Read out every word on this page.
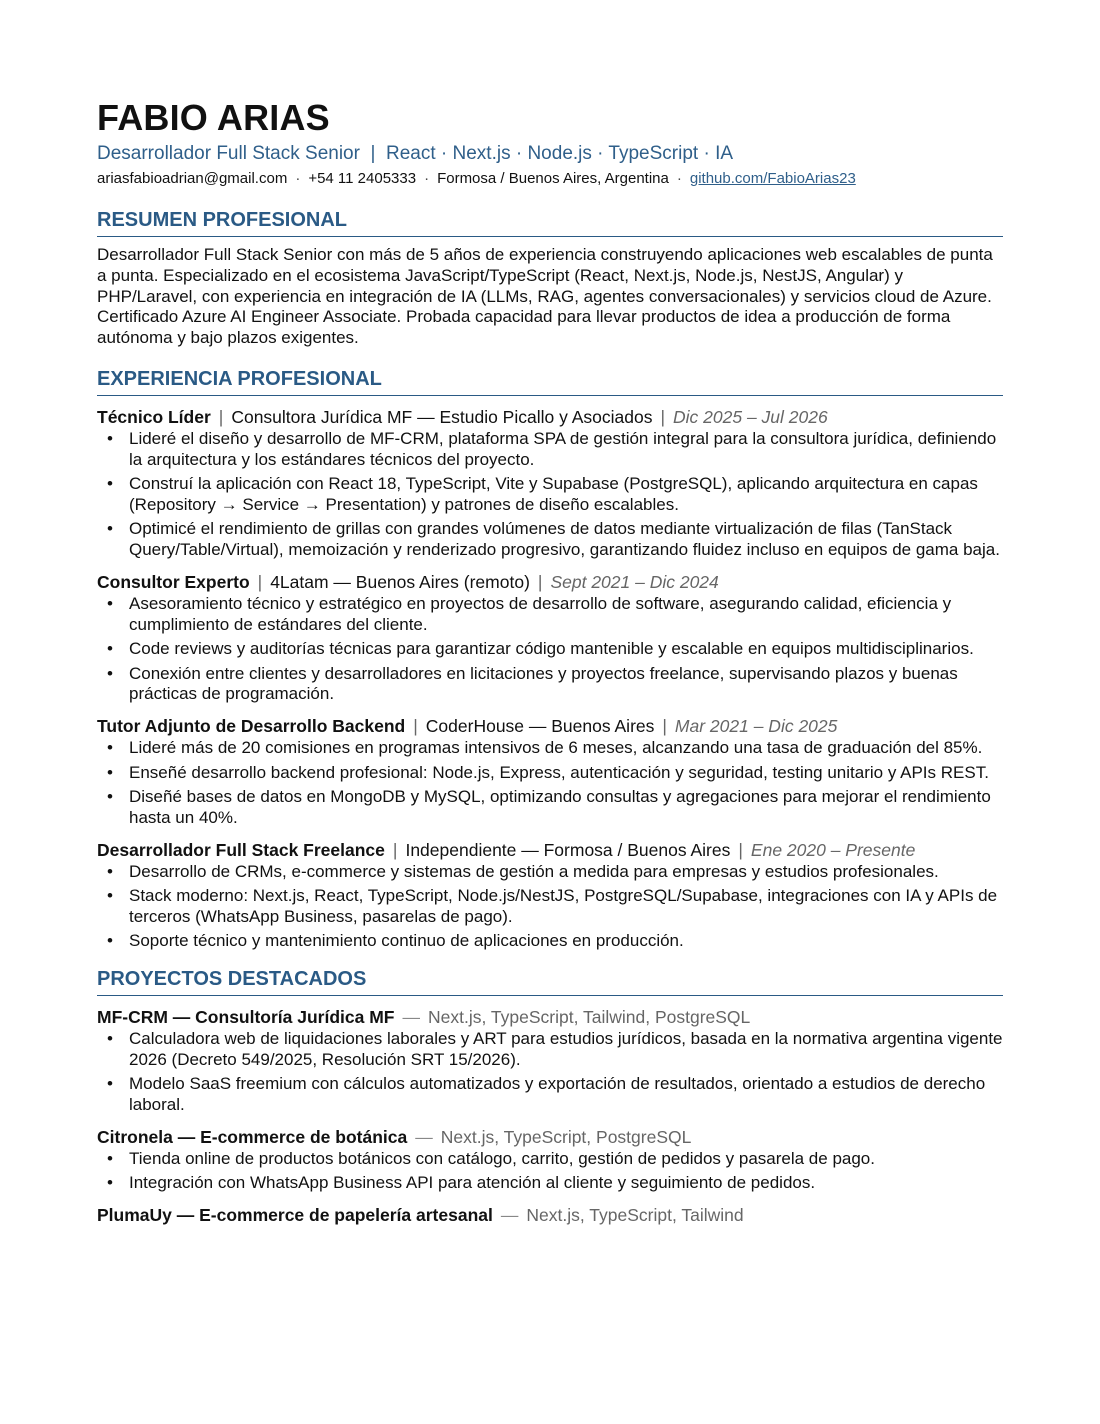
FABIO ARIAS
Desarrollador Full Stack Senior  |  React · Next.js · Node.js · TypeScript · IA
ariasfabioadrian@gmail.com · +54 11 2405333 · Formosa / Buenos Aires, Argentina · github.com/FabioArias23
RESUMEN PROFESIONAL

Desarrollador Full Stack Senior con más de 5 años de experiencia construyendo aplicaciones web escalables de punta a punta. Especializado en el ecosistema JavaScript/TypeScript (React, Next.js, Node.js, NestJS, Angular) y PHP/Laravel, con experiencia en integración de IA (LLMs, RAG, agentes conversacionales) y servicios cloud de Azure. Certificado Azure AI Engineer Associate. Probada capacidad para llevar productos de idea a producción de forma autónoma y bajo plazos exigentes.

EXPERIENCIA PROFESIONAL
Técnico Líder | Consultora Jurídica MF — Estudio Picallo y Asociados | Dic 2025 – Jul 2026
• Lideré el diseño y desarrollo de MF-CRM, plataforma SPA de gestión integral para la consultora jurídica, definiendo la arquitectura y los estándares técnicos del proyecto.
• Construí la aplicación con React 18, TypeScript, Vite y Supabase (PostgreSQL), aplicando arquitectura en capas (Repository → Service → Presentation) y patrones de diseño escalables.
• Optimicé el rendimiento de grillas con grandes volúmenes de datos mediante virtualización de filas (TanStack Query/Table/Virtual), memoización y renderizado progresivo, garantizando fluidez incluso en equipos de gama baja.
Consultor Experto | 4Latam — Buenos Aires (remoto) | Sept 2021 – Dic 2024
• Asesoramiento técnico y estratégico en proyectos de desarrollo de software, asegurando calidad, eficiencia y cumplimiento de estándares del cliente.
• Code reviews y auditorías técnicas para garantizar código mantenible y escalable en equipos multidisciplinarios.
• Conexión entre clientes y desarrolladores en licitaciones y proyectos freelance, supervisando plazos y buenas prácticas de programación.
Tutor Adjunto de Desarrollo Backend | CoderHouse — Buenos Aires | Mar 2021 – Dic 2025
• Lideré más de 20 comisiones en programas intensivos de 6 meses, alcanzando una tasa de graduación del 85%.
• Enseñé desarrollo backend profesional: Node.js, Express, autenticación y seguridad, testing unitario y APIs REST.
• Diseñé bases de datos en MongoDB y MySQL, optimizando consultas y agregaciones para mejorar el rendimiento hasta un 40%.
Desarrollador Full Stack Freelance | Independiente — Formosa / Buenos Aires | Ene 2020 – Presente
• Desarrollo de CRMs, e-commerce y sistemas de gestión a medida para empresas y estudios profesionales.
• Stack moderno: Next.js, React, TypeScript, Node.js/NestJS, PostgreSQL/Supabase, integraciones con IA y APIs de terceros (WhatsApp Business, pasarelas de pago).
• Soporte técnico y mantenimiento continuo de aplicaciones en producción.
PROYECTOS DESTACADOS
MF-CRM — Consultoría Jurídica MF — Next.js, TypeScript, Tailwind, PostgreSQL
• Calculadora web de liquidaciones laborales y ART para estudios jurídicos, basada en la normativa argentina vigente 2026 (Decreto 549/2025, Resolución SRT 15/2026).
• Modelo SaaS freemium con cálculos automatizados y exportación de resultados, orientado a estudios de derecho laboral.
Citronela — E-commerce de botánica — Next.js, TypeScript, PostgreSQL
• Tienda online de productos botánicos con catálogo, carrito, gestión de pedidos y pasarela de pago.
• Integración con WhatsApp Business API para atención al cliente y seguimiento de pedidos.
PlumaUy — E-commerce de papelería artesanal — Next.js, TypeScript, Tailwind
